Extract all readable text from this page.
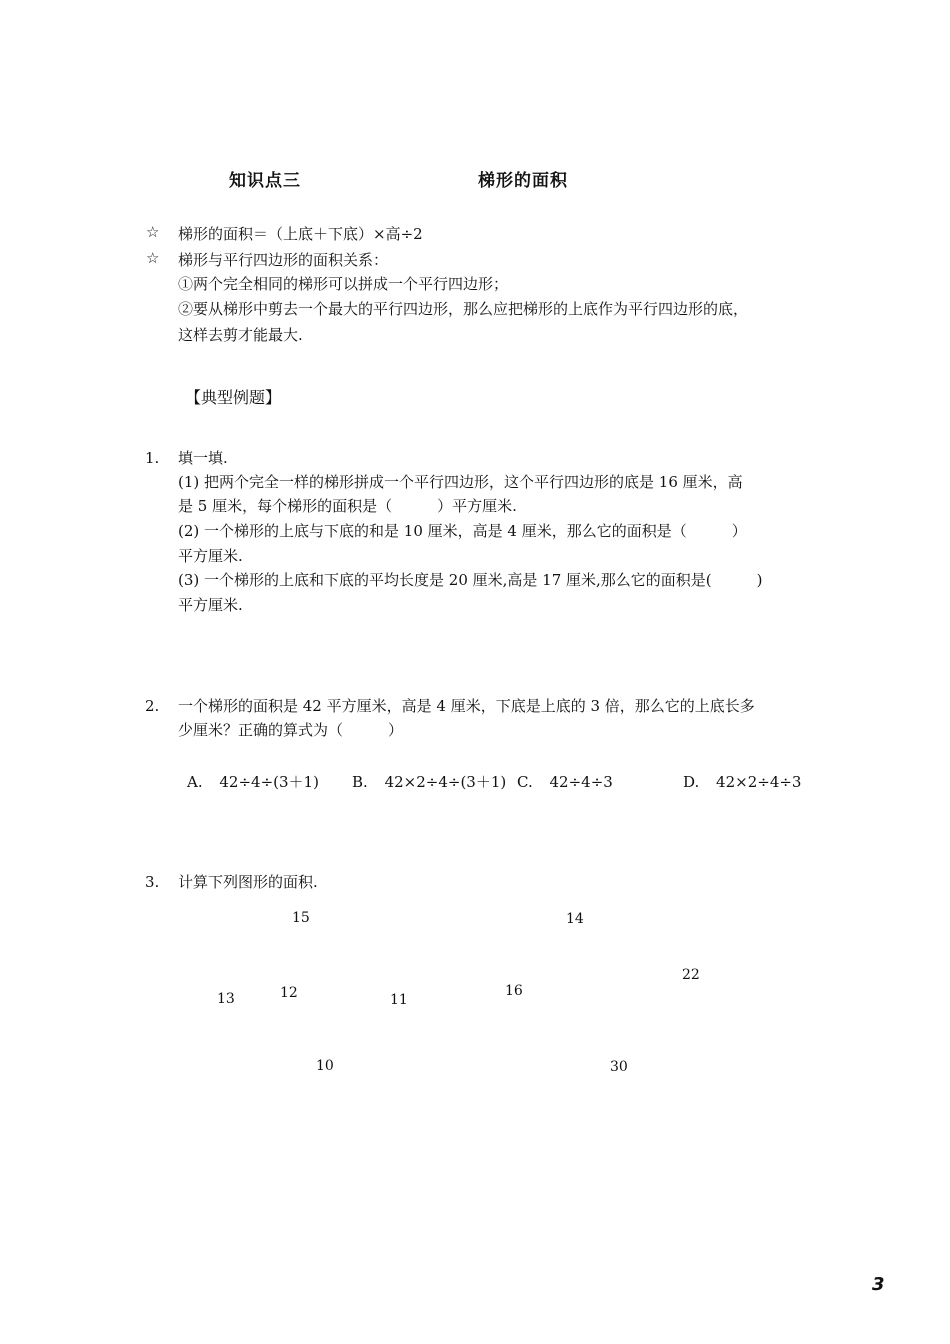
知识点三	梯形的面积
☆ 梯形的面积＝（上底＋下底）×高÷2
☆ 梯形与平行四边形的面积关系：
①两个完全相同的梯形可以拼成一个平行四边形；
②要从梯形中剪去一个最大的平行四边形，那么应把梯形的上底作为平行四边形的底，
这样去剪才能最大.
【典型例题】
1. 填一填.
(1) 把两个完全一样的梯形拼成一个平行四边形，这个平行四边形的底是 16 厘米，高
是 5 厘米，每个梯形的面积是（　　　）平方厘米.
(2) 一个梯形的上底与下底的和是 10 厘米，高是 4 厘米，那么它的面积是（　　　）
平方厘米.
(3) 一个梯形的上底和下底的平均长度是 20 厘米,高是 17 厘米,那么它的面积是(　　　)
平方厘米.
2. 一个梯形的面积是 42 平方厘米，高是 4 厘米，下底是上底的 3 倍，那么它的上底长多
少厘米？正确的算式为（　　　）
A. 42÷4÷(3＋1) B. 42×2÷4÷(3＋1) C. 42÷4÷3	D. 42×2÷4÷3
3. 计算下列图形的面积.
15	14
22
13	12	11
16
10	30
3
